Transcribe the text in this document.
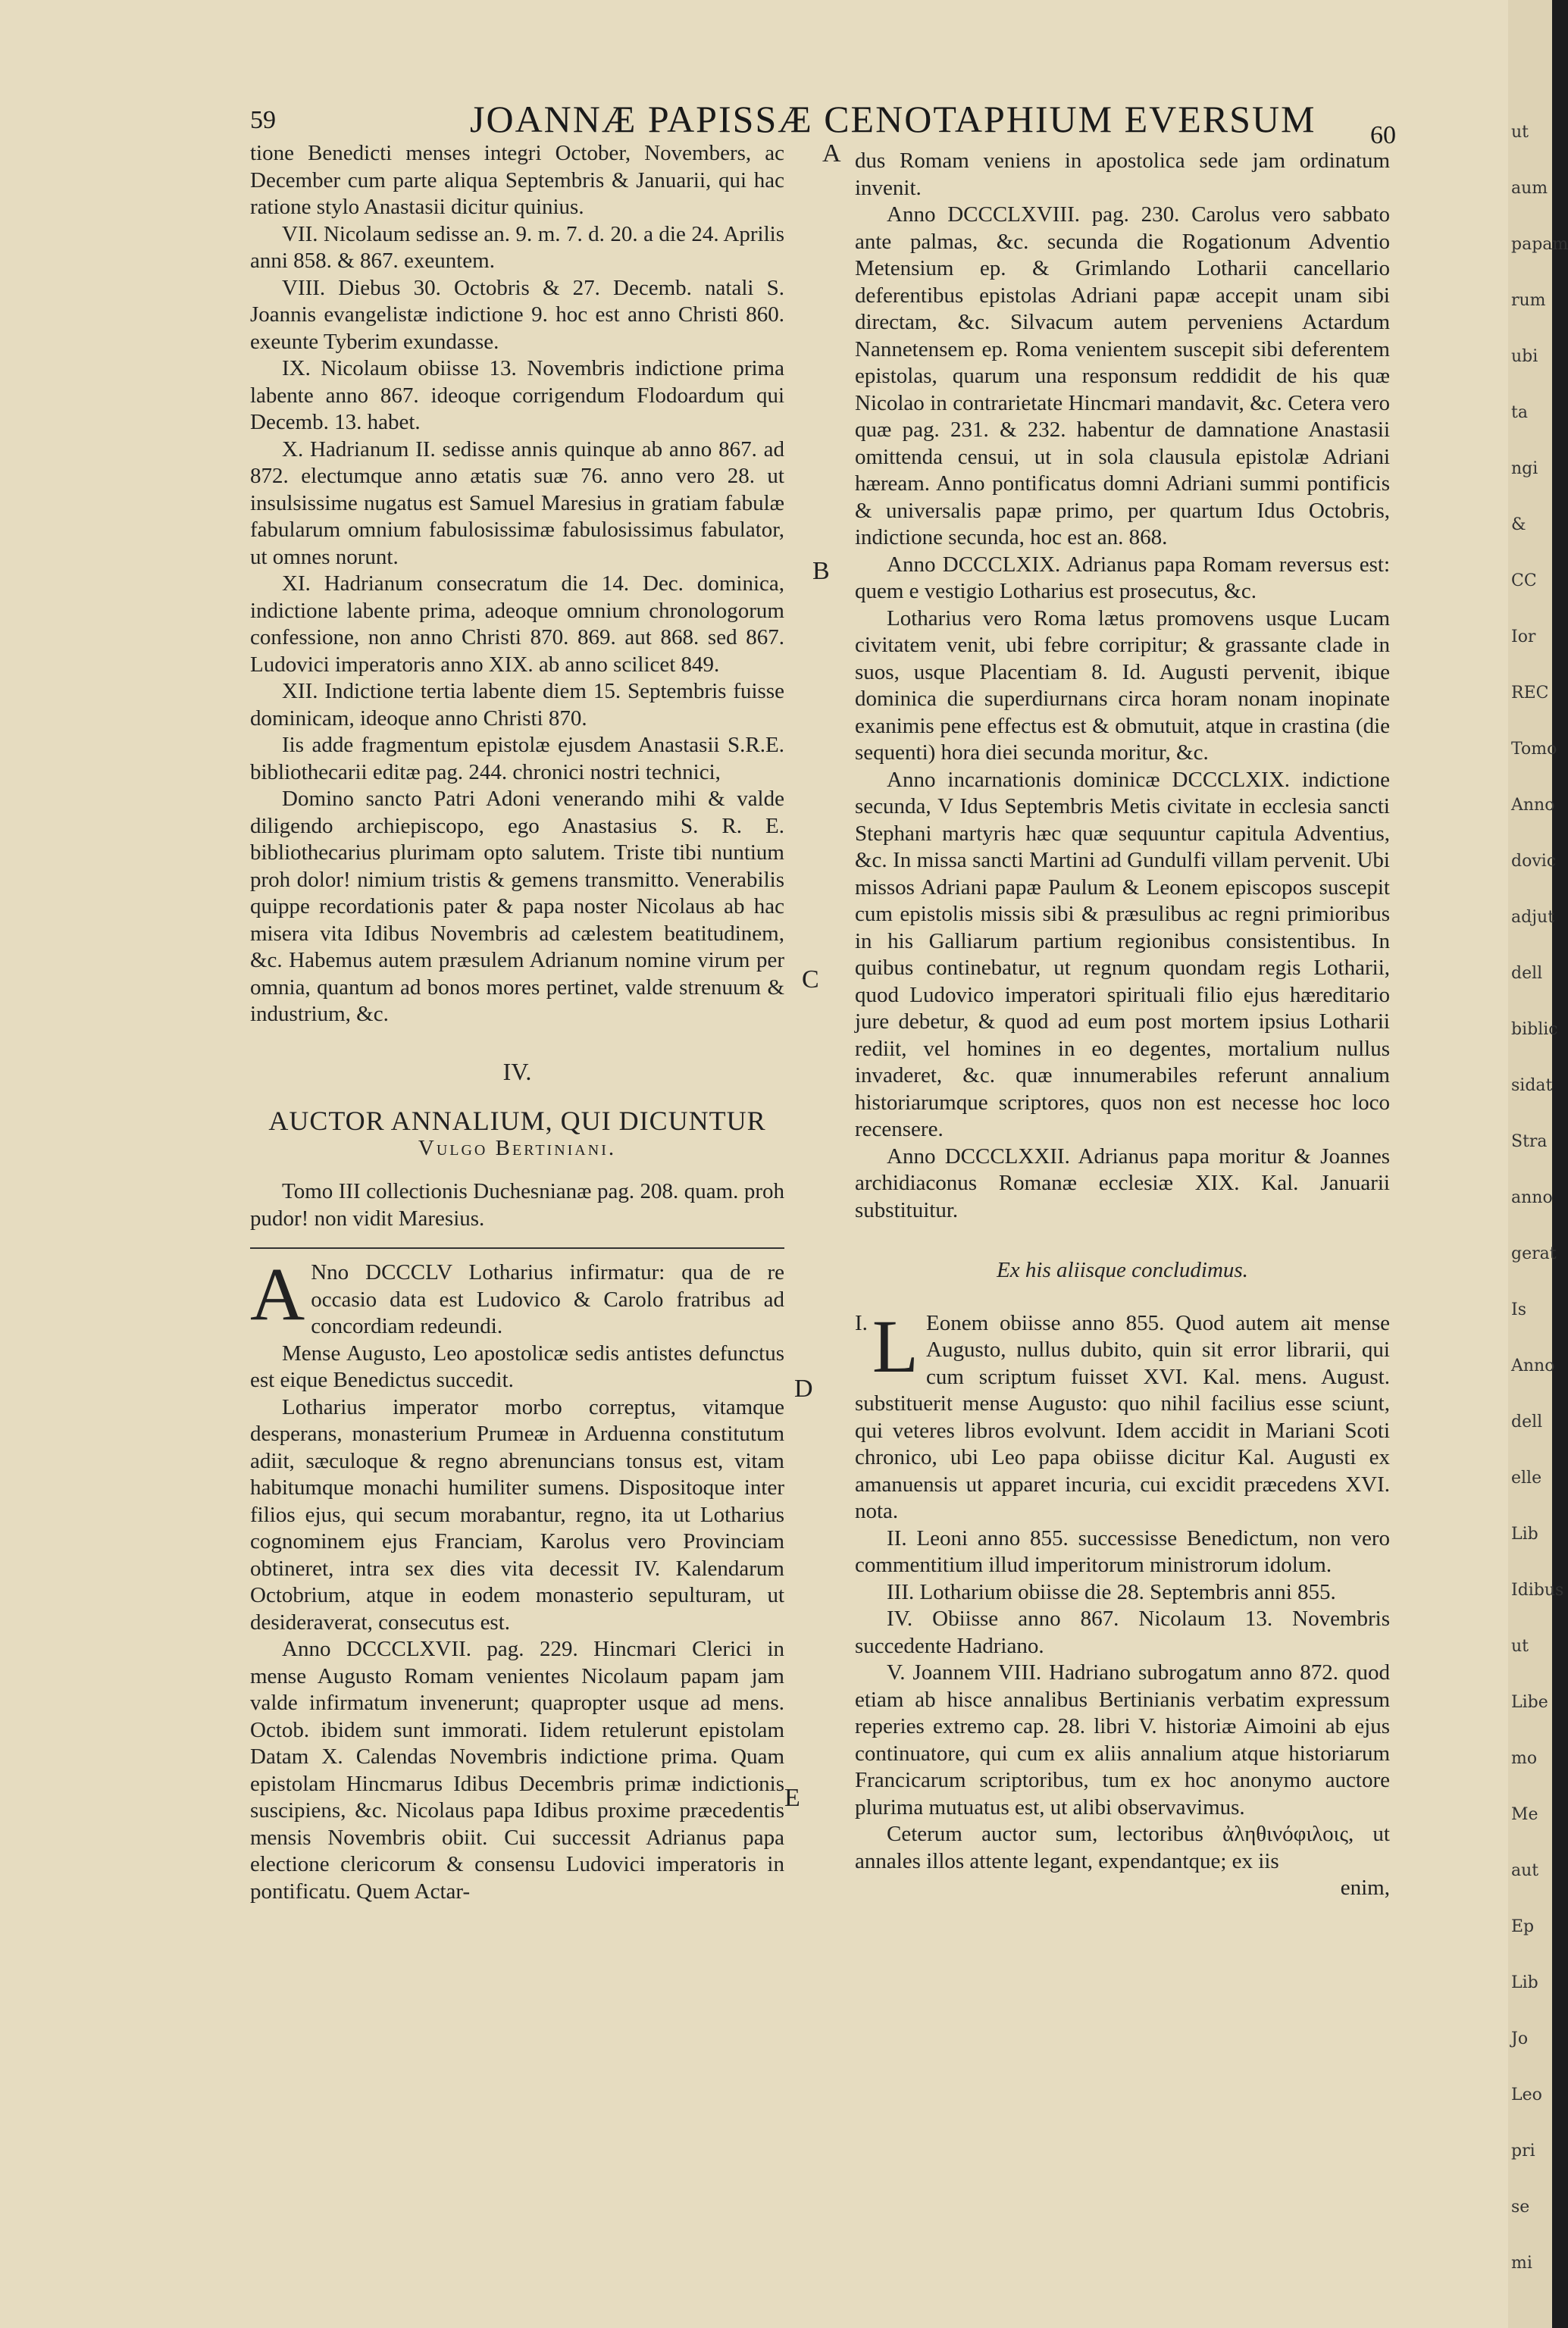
59	JOANNÆ PAPISSÆ CENOTAPHIUM EVERSUM 60
A
B
C
D
E

tione Benedicti menses integri October, Novembers, ac December cum parte aliqua Septembris & Januarii, qui hac ratione stylo Anastasii dicitur quinius.

VII. Nicolaum sedisse an. 9. m. 7. d. 20. a die 24. Aprilis anni 858. & 867. exeuntem.

VIII. Diebus 30. Octobris & 27. Decemb. natali S. Joannis evangelistæ indictione 9. hoc est anno Christi 860. exeunte Tyberim exundasse.

IX. Nicolaum obiisse 13. Novembris indictione prima labente anno 867. ideoque corrigendum Flodoardum qui Decemb. 13. habet.

X. Hadrianum II. sedisse annis quinque ab anno 867. ad 872. electumque anno ætatis suæ 76. anno vero 28. ut insulsissime nugatus est Samuel Maresius in gratiam fabulæ fabularum omnium fabulosissimæ fabulosissimus fabulator, ut omnes norunt.

XI. Hadrianum consecratum die 14. Dec. dominica, indictione labente prima, adeoque omnium chronologorum confessione, non anno Christi 870. 869. aut 868. sed 867. Ludovici imperatoris anno XIX. ab anno scilicet 849.

XII. Indictione tertia labente diem 15. Septembris fuisse dominicam, ideoque anno Christi 870.

Iis adde fragmentum epistolæ ejusdem Anastasii S.R.E. bibliothecarii editæ pag. 244. chronici nostri technici,

Domino sancto Patri Adoni venerando mihi & valde diligendo archiepiscopo, ego Anastasius S. R. E. bibliothecarius plurimam opto salutem. Triste tibi nuntium proh dolor! nimium tristis & gemens transmitto. Venerabilis quippe recordationis pater & papa noster Nicolaus ab hac misera vita Idibus Novembris ad cælestem beatitudinem, &c. Habemus autem præsulem Adrianum nomine virum per omnia, quantum ad bonos mores pertinet, valde strenuum & industrium, &c.

IV.

AUCTOR ANNALIUM, QUI DICUNTUR

Vulgo Bertiniani.

Tomo III collectionis Duchesnianæ pag. 208. quam. proh pudor! non vidit Maresius.

A Nno DCCCLV Lotharius infirmatur: qua de re occasio data est Ludovico & Carolo fratribus ad concordiam redeundi.

Mense Augusto, Leo apostolicæ sedis antistes defunctus est eique Benedictus succedit.

Lotharius imperator morbo correptus, vitamque desperans, monasterium Prumeæ in Arduenna constitutum adiit, sæculoque & regno abrenuncians tonsus est, vitam habitumque monachi humiliter sumens. Dispositoque inter filios ejus, qui secum morabantur, regno, ita ut Lotharius cognominem ejus Franciam, Karolus vero Provinciam obtineret, intra sex dies vita decessit IV. Kalendarum Octobrium, atque in eodem monasterio sepulturam, ut desideraverat, consecutus est.

Anno DCCCLXVII. pag. 229. Hincmari Clerici in mense Augusto Romam venientes Nicolaum papam jam valde infirmatum invenerunt; quapropter usque ad mens. Octob. ibidem sunt immorati. Iidem retulerunt epistolam Datam X. Calendas Novembris indictione prima. Quam epistolam Hincmarus Idibus Decembris primæ indictionis suscipiens, &c. Nicolaus papa Idibus proxime præcedentis mensis Novembris obiit. Cui successit Adrianus papa electione clericorum & consensu Ludovici imperatoris in pontificatu. Quem Actar-

dus Romam veniens in apostolica sede jam ordinatum invenit.

Anno DCCCLXVIII. pag. 230. Carolus vero sabbato ante palmas, &c. secunda die Rogationum Adventio Metensium ep. & Grimlando Lotharii cancellario deferentibus epistolas Adriani papæ accepit unam sibi directam, &c. Silvacum autem perveniens Actardum Nannetensem ep. Roma venientem suscepit sibi deferentem epistolas, quarum una responsum reddidit de his quæ Nicolao in contrarietate Hincmari mandavit, &c. Cetera vero quæ pag. 231. & 232. habentur de damnatione Anastasii omittenda censui, ut in sola clausula epistolæ Adriani hæream. Anno pontificatus domni Adriani summi pontificis & universalis papæ primo, per quartum Idus Octobris, indictione secunda, hoc est an. 868.

Anno DCCCLXIX. Adrianus papa Romam reversus est: quem e vestigio Lotharius est prosecutus, &c.

Lotharius vero Roma lætus promovens usque Lucam civitatem venit, ubi febre corripitur; & grassante clade in suos, usque Placentiam 8. Id. Augusti pervenit, ibique dominica die superdiurnans circa horam nonam inopinate exanimis pene effectus est & obmutuit, atque in crastina (die sequenti) hora diei secunda moritur, &c.

Anno incarnationis dominicæ DCCCLXIX. indictione secunda, V Idus Septembris Metis civitate in ecclesia sancti Stephani martyris hæc quæ sequuntur capitula Adventius, &c. In missa sancti Martini ad Gundulfi villam pervenit. Ubi missos Adriani papæ Paulum & Leonem episcopos suscepit cum epistolis missis sibi & præsulibus ac regni primioribus in his Galliarum partium regionibus consistentibus. In quibus continebatur, ut regnum quondam regis Lotharii, quod Ludovico imperatori spirituali filio ejus hæreditario jure debetur, & quod ad eum post mortem ipsius Lotharii rediit, vel homines in eo degentes, mortalium nullus invaderet, &c. quæ innumerabiles referunt annalium historiarumque scriptores, quos non est necesse hoc loco recensere.

Anno DCCCLXXII. Adrianus papa moritur & Joannes archidiaconus Romanæ ecclesiæ XIX. Kal. Januarii substituitur.

Ex his aliisque concludimus.

I. L Eonem obiisse anno 855. Quod autem ait mense Augusto, nullus dubito, quin sit error librarii, qui cum scriptum fuisset XVI. Kal. mens. August. substituerit mense Augusto: quo nihil facilius esse sciunt, qui veteres libros evolvunt. Idem accidit in Mariani Scoti chronico, ubi Leo papa obiisse dicitur Kal. Augusti ex amanuensis ut apparet incuria, cui excidit præcedens XVI. nota.

II. Leoni anno 855. successisse Benedictum, non vero commentitium illud imperitorum ministrorum idolum.

III. Lotharium obiisse die 28. Septembris anni 855.

IV. Obiisse anno 867. Nicolaum 13. Novembris succedente Hadriano.

V. Joannem VIII. Hadriano subrogatum anno 872. quod etiam ab hisce annalibus Bertinianis verbatim expressum reperies extremo cap. 28. libri V. historiæ Aimoini ab ejus continuatore, qui cum ex aliis annalium atque historiarum Francicarum scriptoribus, tum ex hoc anonymo auctore plurima mutuatus est, ut alibi observavimus.

Ceterum auctor sum, lectoribus ἀληθινόφιλοις, ut annales illos attente legant, expendantque; ex iis

enim,

ut
aum
papam
rum
ubi
ta
ngi
&
CC
Ior
REC
Tomo
Anno
dovic
adjut
dell
biblic
sidat
Stra
anno
gerat
Is
Anno
dell
elle
Lib
Idibus
ut
Libe
mo
Me
aut
Ep
Lib
Jo
Leo
pri
se
mi
